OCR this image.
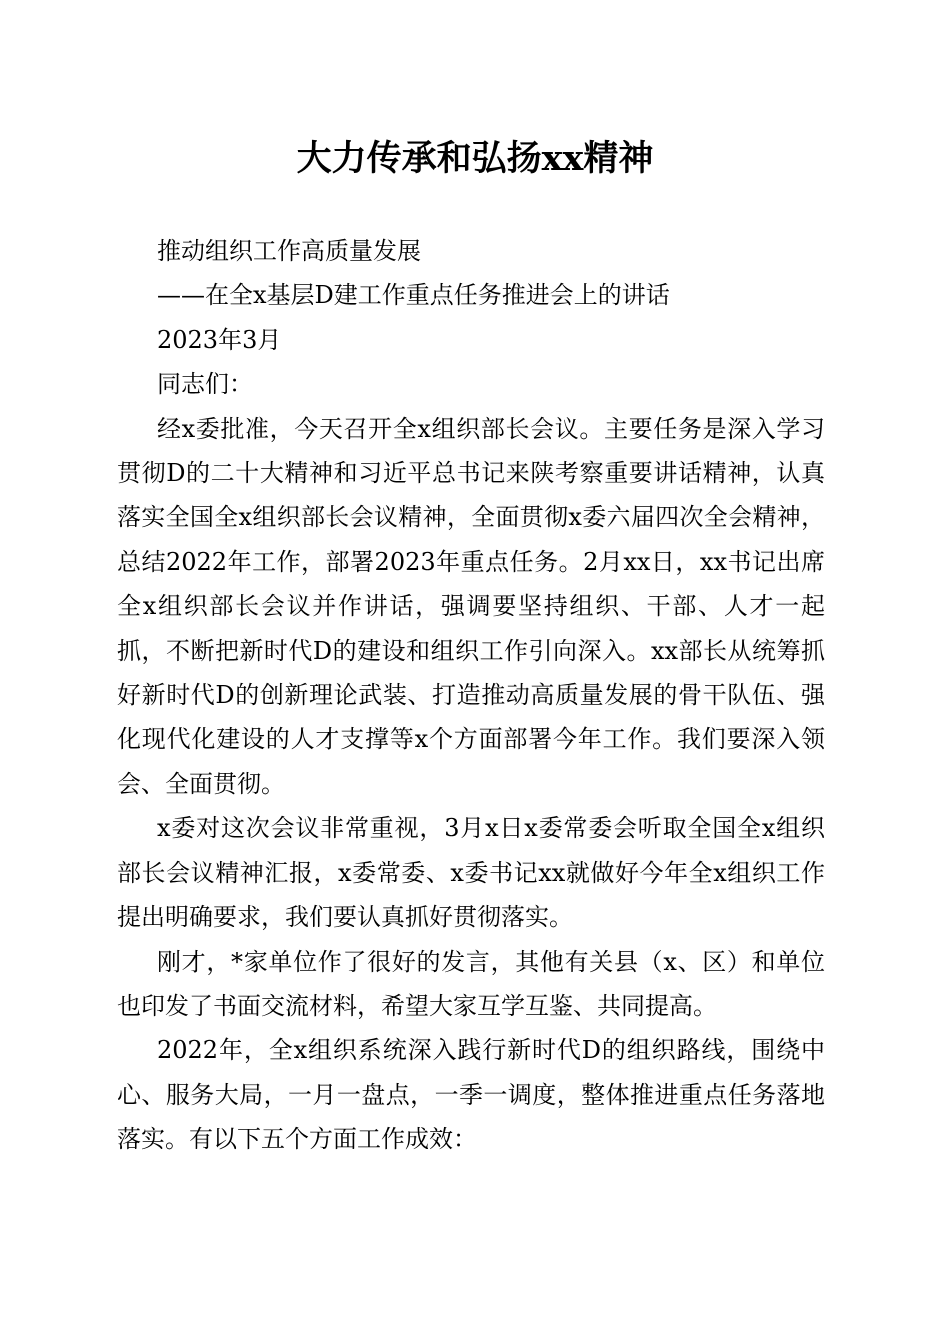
大力传承和弘扬xx精神

推动组织工作高质量发展

——在全x基层D建工作重点任务推进会上的讲话

2023年3月

同志们：

经x委批准，今天召开全x组织部长会议。主要任务是深入学习贯彻D的二十大精神和习近平总书记来陕考察重要讲话精神，认真落实全国全x组织部长会议精神，全面贯彻x委六届四次全会精神，总结2022年工作，部署2023年重点任务。2月xx日，xx书记出席全x组织部长会议并作讲话，强调要坚持组织、干部、人才一起抓，不断把新时代D的建设和组织工作引向深入。xx部长从统筹抓好新时代D的创新理论武装、打造推动高质量发展的骨干队伍、强化现代化建设的人才支撑等x个方面部署今年工作。我们要深入领会、全面贯彻。

x委对这次会议非常重视，3月x日x委常委会听取全国全x组织部长会议精神汇报，x委常委、x委书记xx就做好今年全x组织工作提出明确要求，我们要认真抓好贯彻落实。

刚才，*家单位作了很好的发言，其他有关县（x、区）和单位也印发了书面交流材料，希望大家互学互鉴、共同提高。

2022年，全x组织系统深入践行新时代D的组织路线，围绕中心、服务大局，一月一盘点，一季一调度，整体推进重点任务落地落实。有以下五个方面工作成效：
